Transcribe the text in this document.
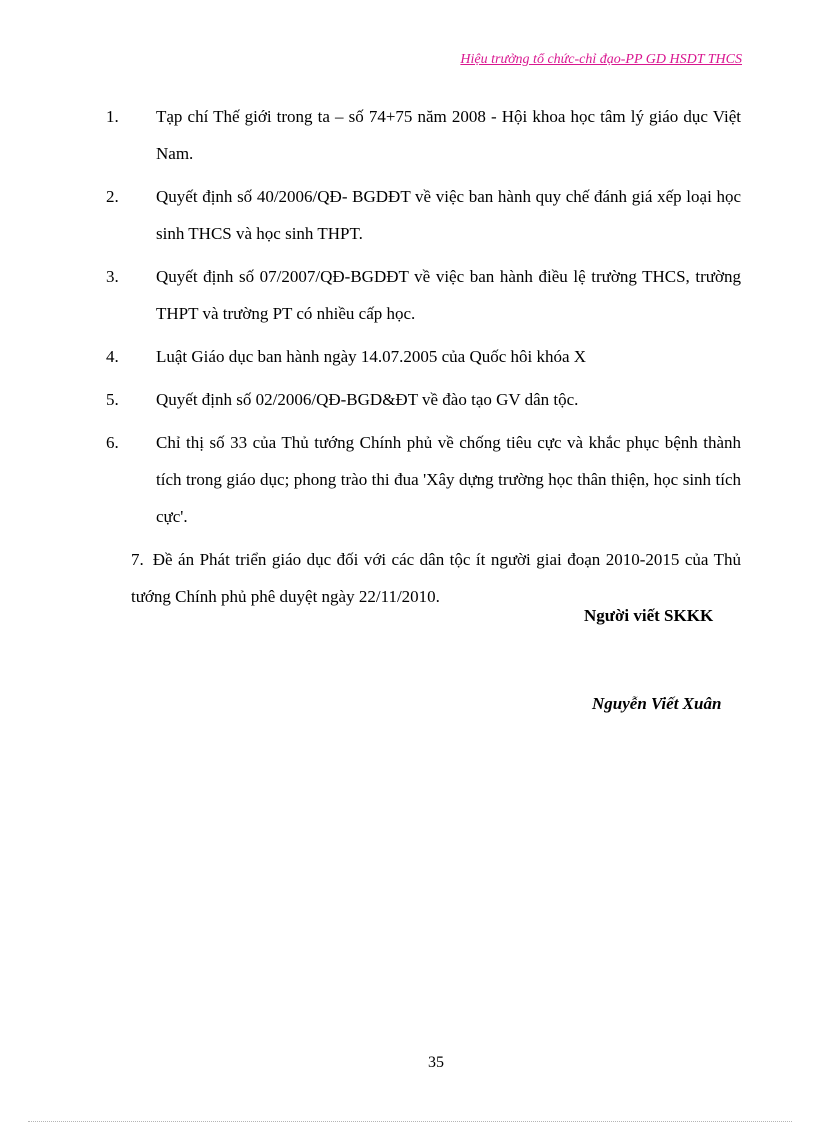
Hiệu trưởng tổ chức-chỉ đạo-PP GD HSDT THCS
1. Tạp chí Thế giới trong ta – số 74+75 năm 2008 - Hội khoa học tâm lý giáo dục Việt Nam.
2. Quyết định số 40/2006/QĐ- BGDĐT về việc ban hành quy chế đánh giá xếp loại học sinh THCS và học sinh THPT.
3. Quyết định số 07/2007/QĐ-BGDĐT về việc ban hành điều lệ trường THCS, trường THPT và trường PT có nhiều cấp học.
4. Luật Giáo dục ban hành ngày 14.07.2005 của Quốc hôi khóa X
5. Quyết định số 02/2006/QĐ-BGD&ĐT về đào tạo GV dân tộc.
6. Chỉ thị số 33 của Thủ tướng Chính phủ về chống tiêu cực và khắc phục bệnh thành tích trong giáo dục; phong trào thi đua 'Xây dựng trường học thân thiện, học sinh tích cực'.
7. Đề án Phát triển giáo dục đối với các dân tộc ít người giai đoạn 2010-2015 của Thủ tướng Chính phủ phê duyệt ngày 22/11/2010.
Người viết SKKK
Nguyễn Viết Xuân
35
